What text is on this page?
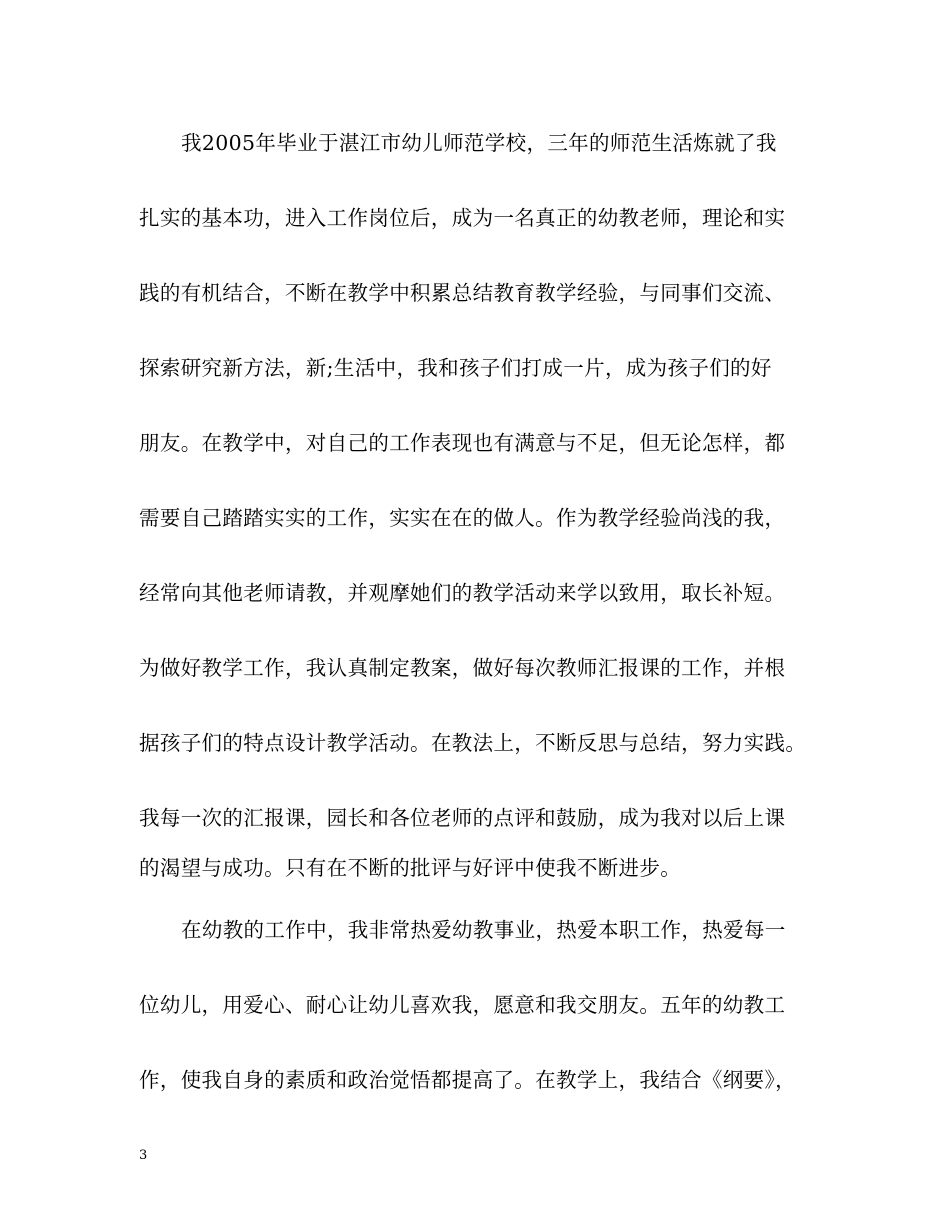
我2005年毕业于湛江市幼儿师范学校，三年的师范生活炼就了我
扎实的基本功，进入工作岗位后，成为一名真正的幼教老师，理论和实
践的有机结合，不断在教学中积累总结教育教学经验，与同事们交流、
探索研究新方法，新;生活中，我和孩子们打成一片，成为孩子们的好
朋友。在教学中，对自己的工作表现也有满意与不足，但无论怎样，都
需要自己踏踏实实的工作，实实在在的做人。作为教学经验尚浅的我，
经常向其他老师请教，并观摩她们的教学活动来学以致用，取长补短。
为做好教学工作，我认真制定教案，做好每次教师汇报课的工作，并根
据孩子们的特点设计教学活动。在教法上，不断反思与总结，努力实践。
我每一次的汇报课，园长和各位老师的点评和鼓励，成为我对以后上课
的渴望与成功。只有在不断的批评与好评中使我不断进步。
在幼教的工作中，我非常热爱幼教事业，热爱本职工作，热爱每一
位幼儿，用爱心、耐心让幼儿喜欢我，愿意和我交朋友。五年的幼教工
作，使我自身的素质和政治觉悟都提高了。在教学上，我结合《纲要》，
3
